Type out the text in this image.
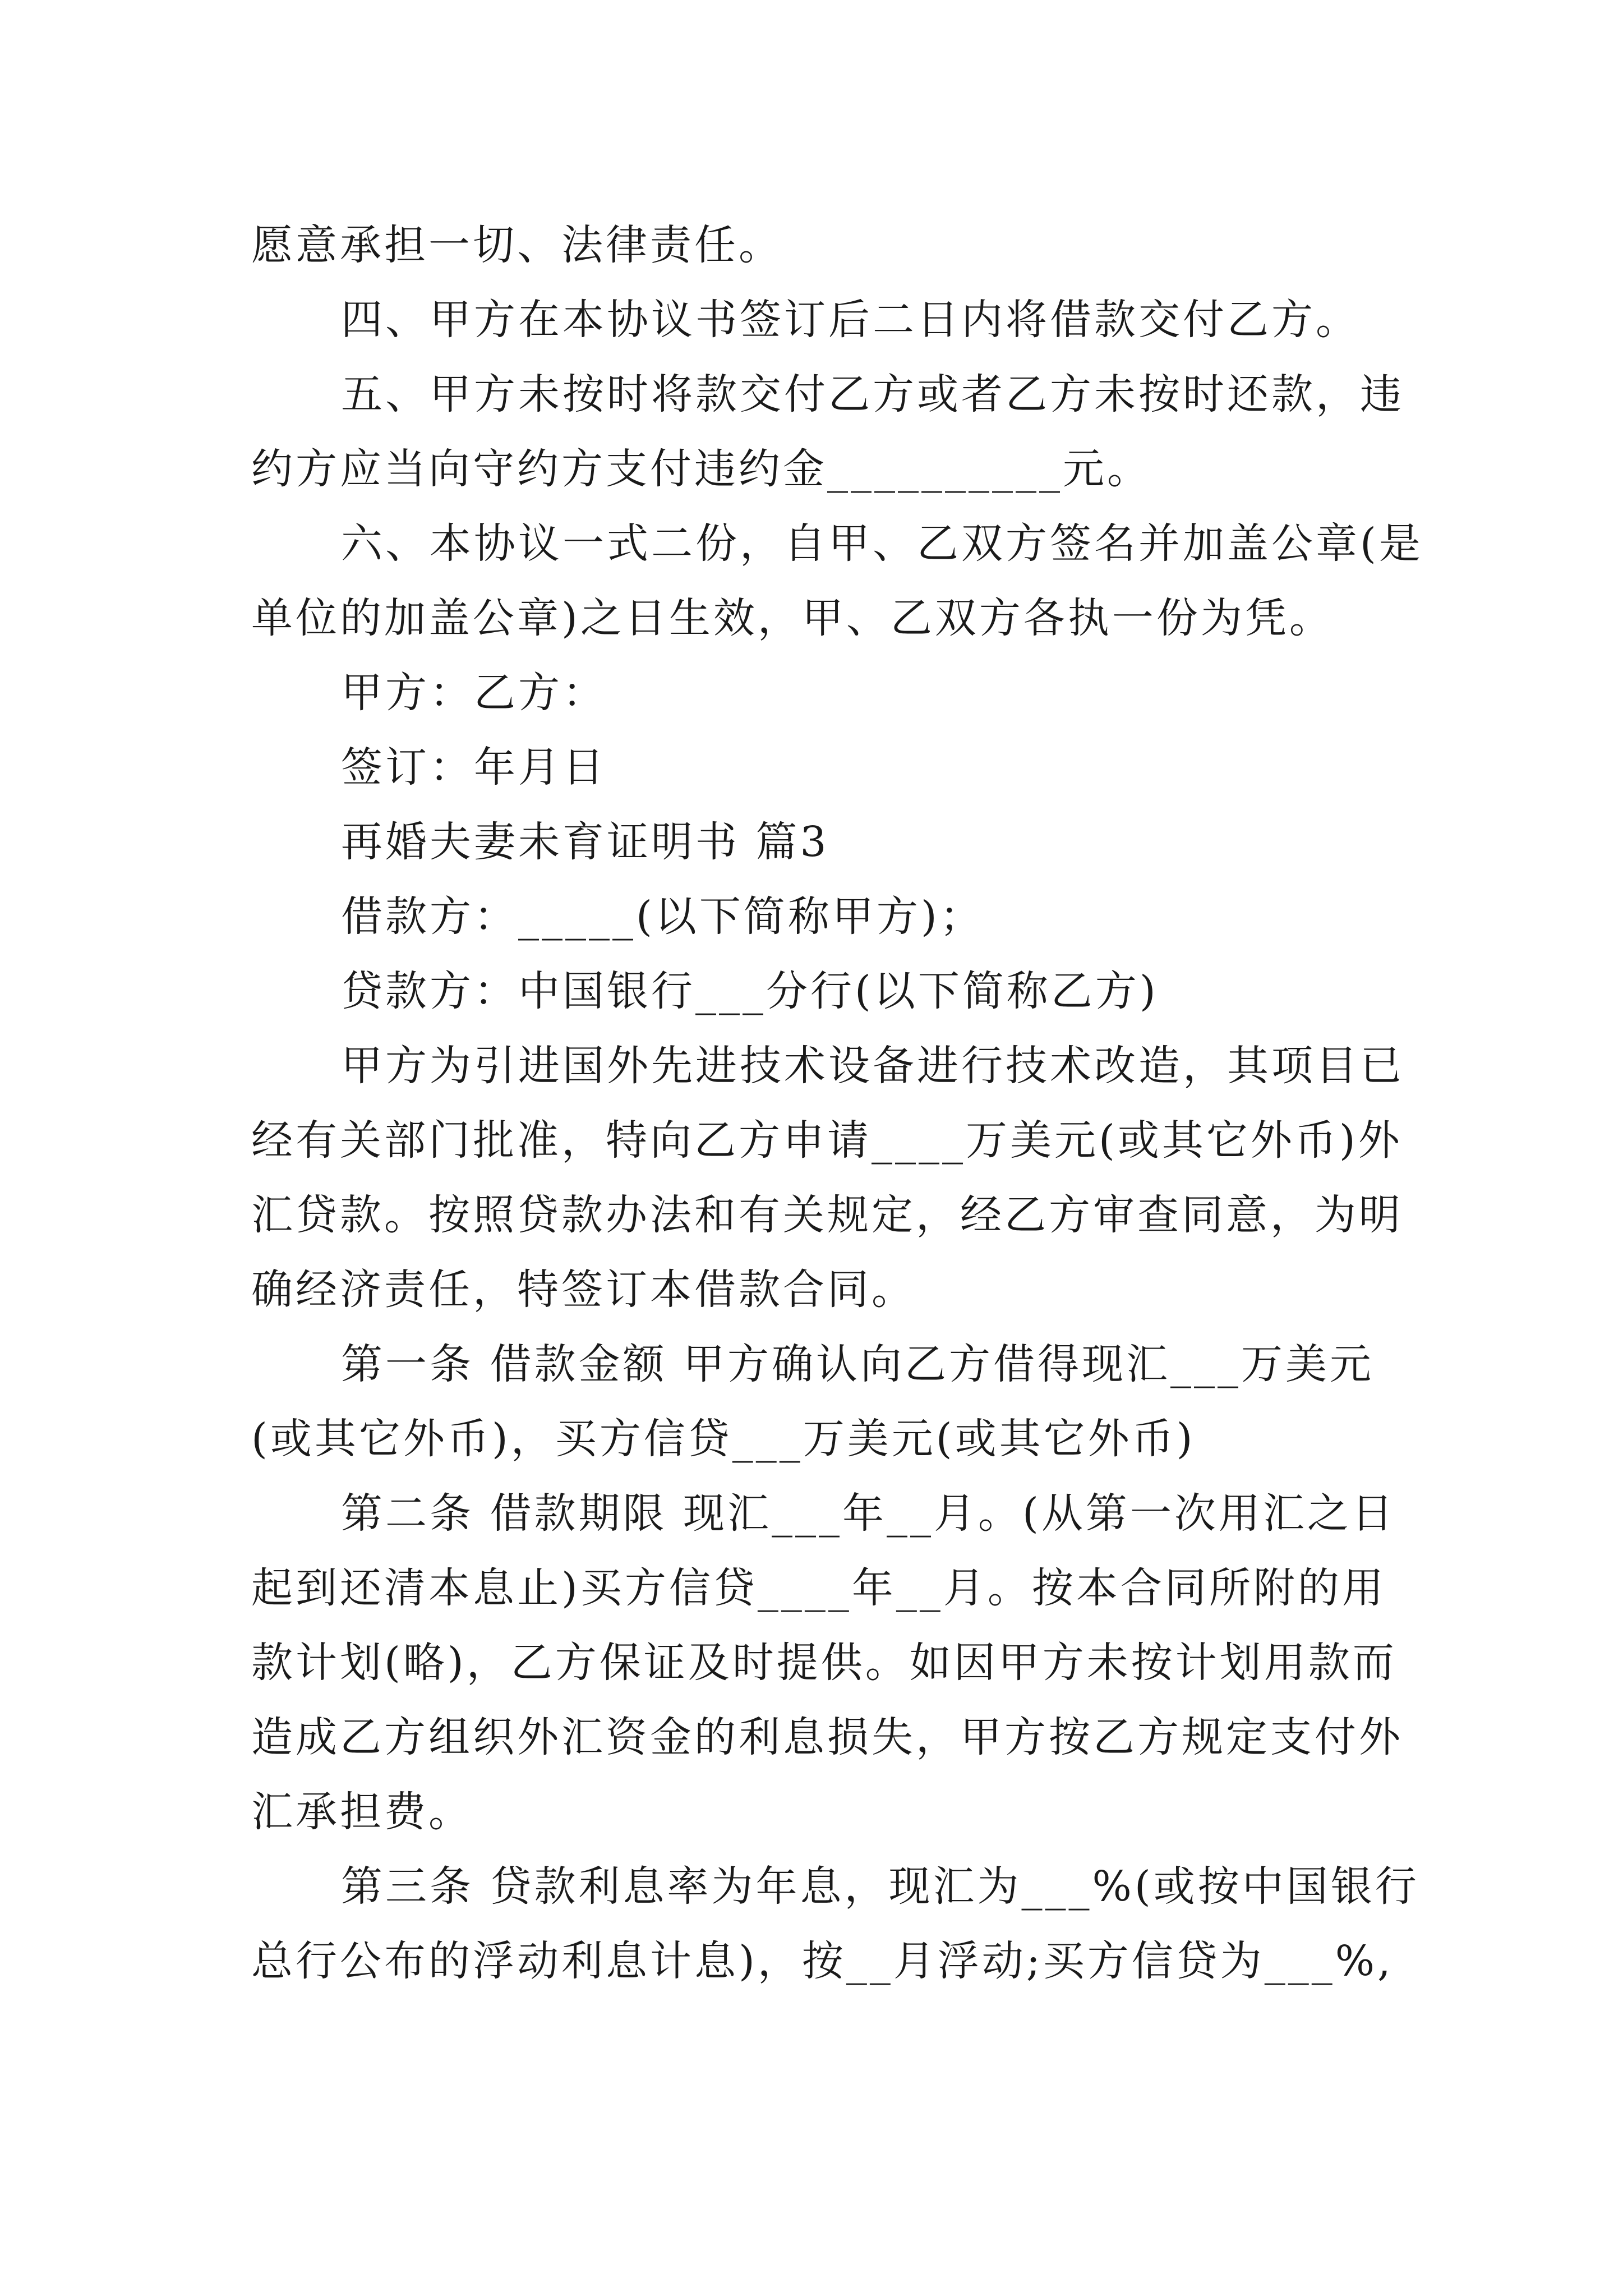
愿意承担一切、法律责任。
四、甲方在本协议书签订后二日内将借款交付乙方。
五、甲方未按时将款交付乙方或者乙方未按时还款，违
约方应当向守约方支付违约金__________元。
六、本协议一式二份，自甲、乙双方签名并加盖公章(是
单位的加盖公章)之日生效，甲、乙双方各执一份为凭。
甲方：乙方：
签订：年月日
再婚夫妻未育证明书 篇3
借款方：_____(以下简称甲方)；
贷款方：中国银行___分行(以下简称乙方)
甲方为引进国外先进技术设备进行技术改造，其项目已
经有关部门批准，特向乙方申请____万美元(或其它外币)外
汇贷款。按照贷款办法和有关规定，经乙方审查同意，为明
确经济责任，特签订本借款合同。
第一条 借款金额 甲方确认向乙方借得现汇___万美元
(或其它外币)，买方信贷___万美元(或其它外币)
第二条 借款期限 现汇___年__月。(从第一次用汇之日
起到还清本息止)买方信贷____年__月。按本合同所附的用
款计划(略)，乙方保证及时提供。如因甲方未按计划用款而
造成乙方组织外汇资金的利息损失，甲方按乙方规定支付外
汇承担费。
第三条 贷款利息率为年息，现汇为___%(或按中国银行
总行公布的浮动利息计息)，按__月浮动;买方信贷为___%,
